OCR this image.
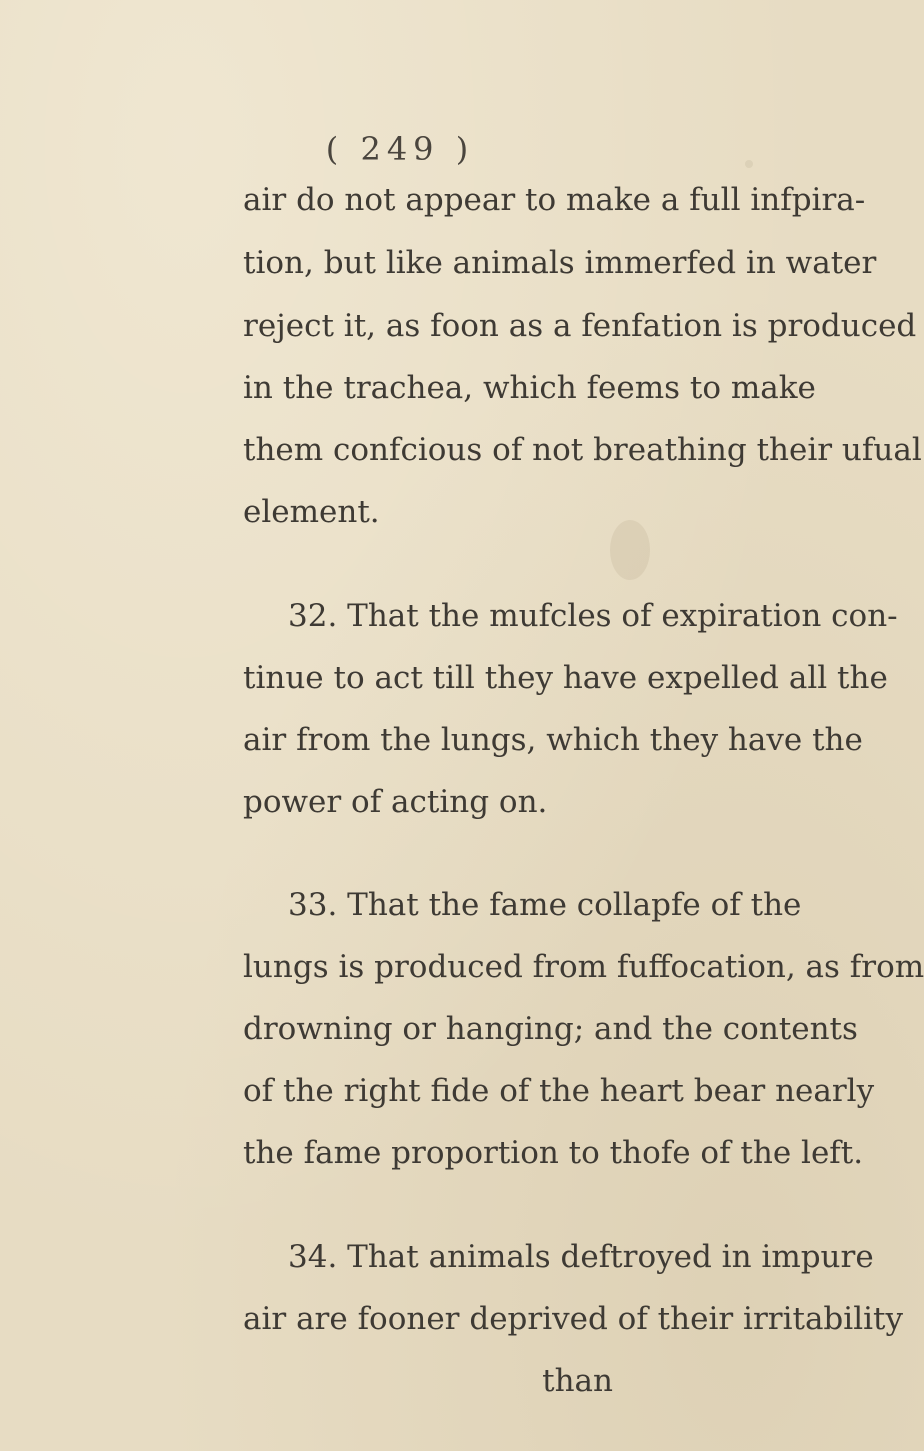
( 249 )
air do not appear to make a full infpira-
tion, but like animals immerfed in water
reject it, as foon as a fenfation is produced
in the trachea, which feems to make
them confcious of not breathing their ufual
element.
32. That the mufcles of expiration con-
tinue to act till they have expelled all the
air from the lungs, which they have the
power of acting on.
33. That the fame collapfe of the
lungs is produced from fuffocation, as from
drowning or hanging; and the contents
of the right fide of the heart bear nearly
the fame proportion to thofe of the left.
34. That animals deftroyed in impure
air are fooner deprived of their irritability
than
